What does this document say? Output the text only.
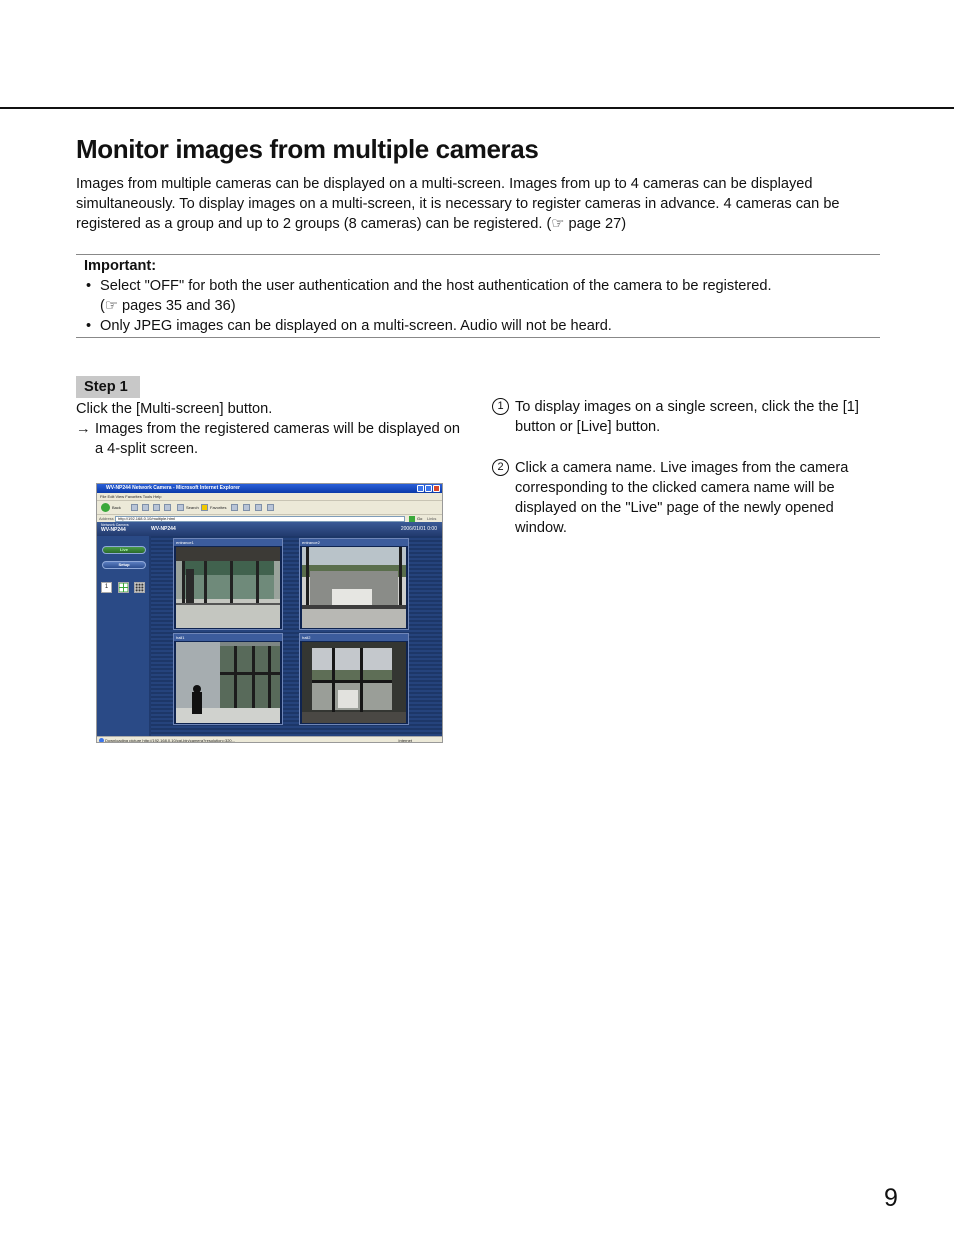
Monitor images from multiple cameras

Images from multiple cameras can be displayed on a multi-screen. Images from up to 4 cameras can be displayed simultaneously. To display images on a multi-screen, it is necessary to register cameras in advance. 4 cameras can be registered as a group and up to 2 groups (8 cameras) can be registered. (☞ page 27)

Important:
• Select "OFF" for both the user authentication and the host authentication of the camera to be registered.
(☞ pages 35 and 36)
• Only JPEG images can be displayed on a multi-screen. Audio will not be heard.
Step 1
Click the [Multi-screen] button.
→ Images from the registered cameras will be displayed on a 4-split screen.
1 To display images on a single screen, click the the [1] button or [Live] button.
2 Click a camera name. Live images from the camera corresponding to the clicked camera name will be displayed on the "Live" page of the newly opened window.
WV-NP244 Network Camera - Microsoft Internet Explorer
File Edit View Favorites Tools Help
Back	Search	Favorites
Address	http://192.168.0.10/multiple.html	Go Links
Network Camera
WV-NP244	WV-NP244	2006/01/01 0:00
Live
Setup
1
entrance1	entrance2
hall1	hall2
Downloading picture http://192.168.0.10/cgi-bin/camera?resolution=320...	Internet
9
